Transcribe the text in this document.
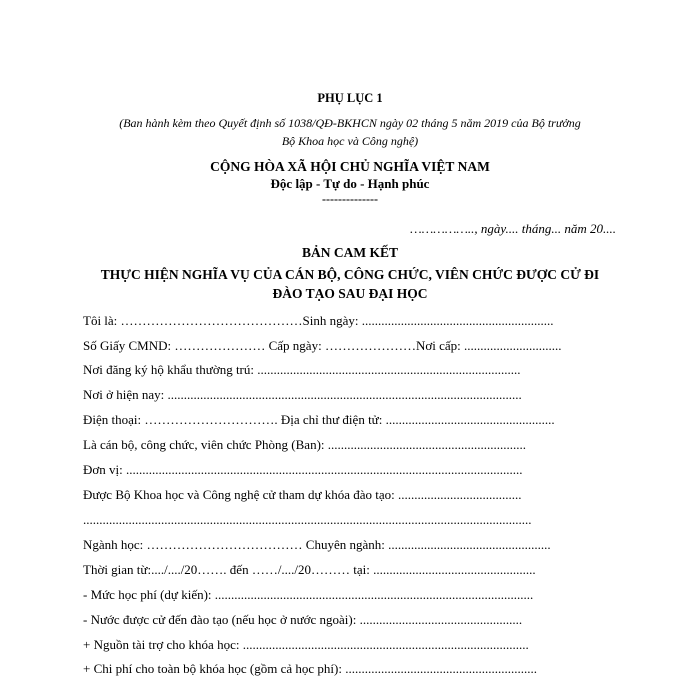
PHỤ LỤC 1
(Ban hành kèm theo Quyết định số 1038/QĐ-BKHCN ngày 02 tháng 5 năm 2019 của Bộ trưởng
Bộ Khoa học và Công nghệ)
CỘNG HÒA XÃ HỘI CHỦ NGHĨA VIỆT NAM
Độc lập - Tự do - Hạnh phúc
--------------
…………….., ngày.... tháng... năm 20....
BẢN CAM KẾT
THỰC HIỆN NGHĨA VỤ CỦA CÁN BỘ, CÔNG CHỨC, VIÊN CHỨC ĐƯỢC CỬ ĐI
ĐÀO TẠO SAU ĐẠI HỌC
Tôi là: ……………………………………Sinh ngày: ...........................................................
Số Giấy CMND: ………………… Cấp ngày: …………………Nơi cấp: ..............................
Nơi đăng ký hộ khẩu thường trú: .................................................................................
Nơi ở hiện nay: .............................................................................................................
Điện thoại: …………………………. Địa chỉ thư điện tử: ....................................................
Là cán bộ, công chức, viên chức Phòng (Ban): .............................................................
Đơn vị: ..........................................................................................................................
Được Bộ Khoa học và Công nghệ cử tham dự khóa đào tạo: ......................................
..........................................................................................................................................
Ngành học: ……………………………… Chuyên ngành: ..................................................
Thời gian từ:..../..../20……. đến ……/..../20……… tại: ..................................................
- Mức học phí (dự kiến): ..................................................................................................
- Nước được cử đến đào tạo (nếu học ở nước ngoài): ..................................................
+ Nguồn tài trợ cho khóa học: ........................................................................................
+ Chi phí cho toàn bộ khóa học (gồm cả học phí): ...........................................................
